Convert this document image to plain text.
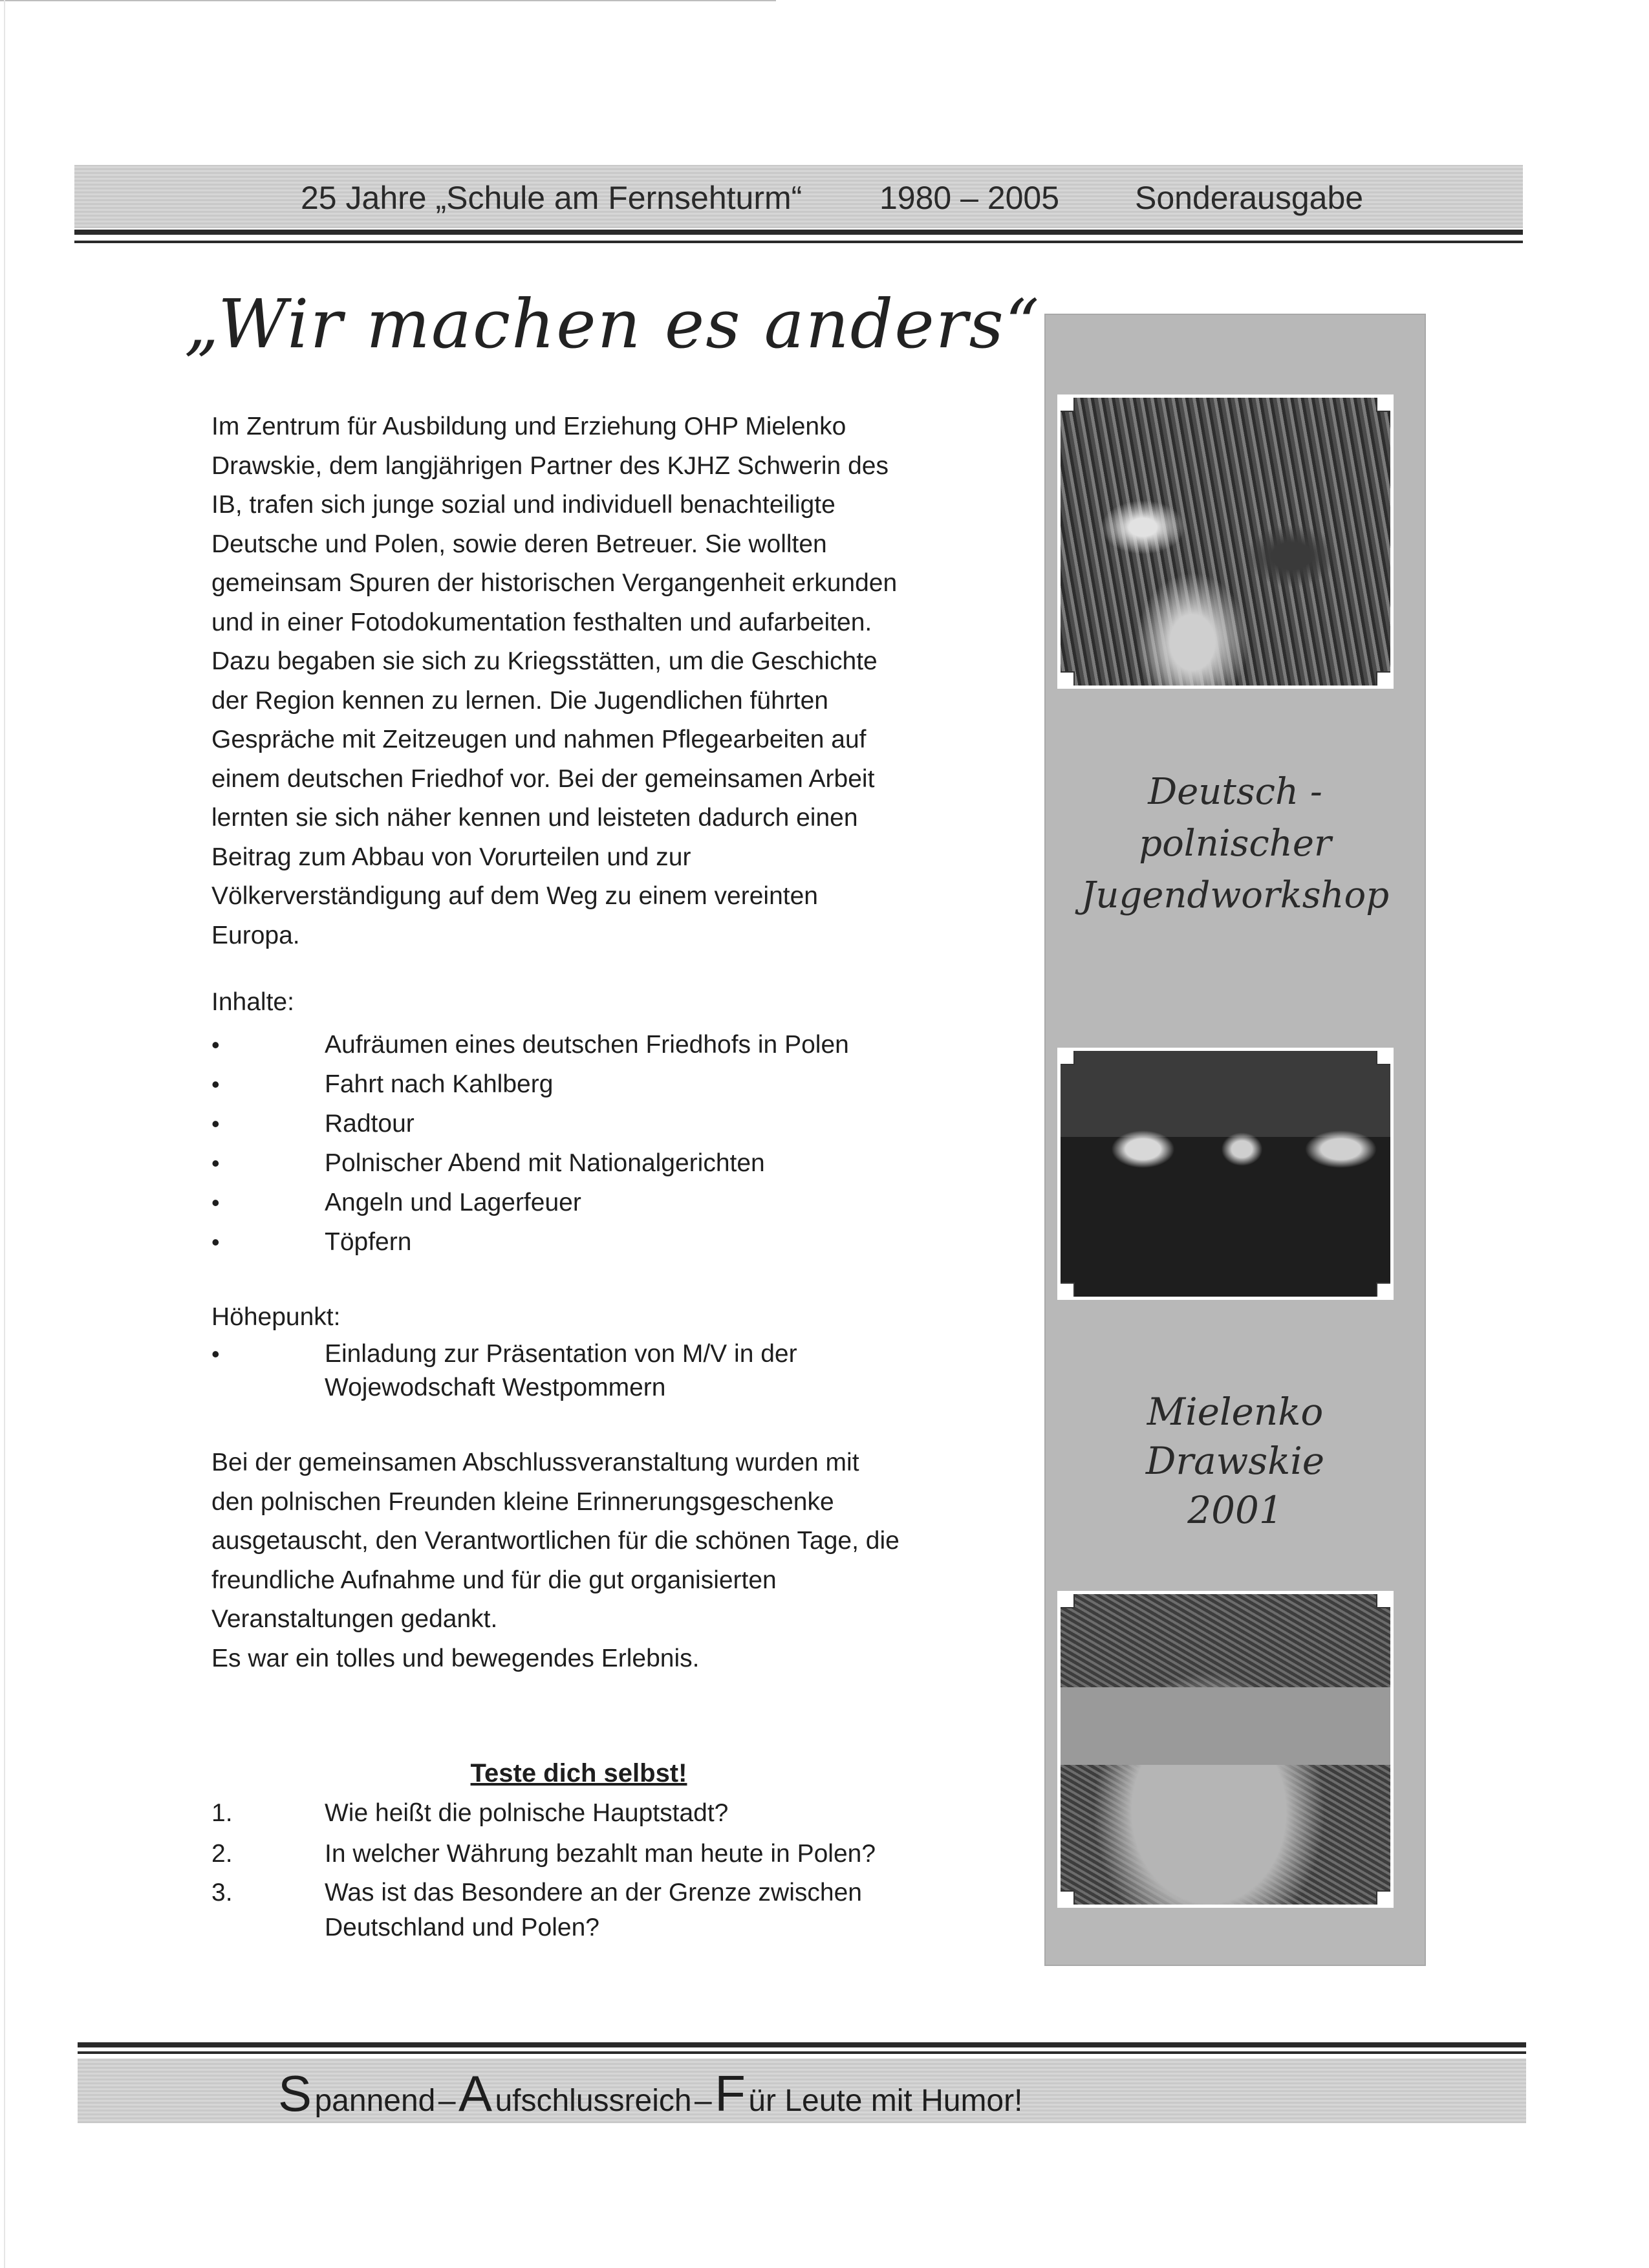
25 Jahre „Schule am Fernsehturm“ 1980 – 2005 Sonderausgabe
„Wir machen es anders“
Im Zentrum für Ausbildung und Erziehung OHP Mielenko
Drawskie, dem langjährigen Partner des KJHZ Schwerin des
IB, trafen sich junge sozial und individuell benachteiligte
Deutsche und Polen, sowie deren Betreuer. Sie wollten
gemeinsam Spuren der historischen Vergangenheit erkunden
und in einer Fotodokumentation festhalten und aufarbeiten.
Dazu begaben sie sich zu Kriegsstätten, um die Geschichte
der Region kennen zu lernen. Die Jugendlichen führten
Gespräche mit Zeitzeugen und nahmen Pflegearbeiten auf
einem deutschen Friedhof vor. Bei der gemeinsamen Arbeit
lernten sie sich näher kennen und leisteten dadurch einen
Beitrag zum Abbau von Vorurteilen und zur
Völkerverständigung auf dem Weg zu einem vereinten
Europa.
Inhalte:
•	Aufräumen eines deutschen Friedhofs in Polen
•	Fahrt nach Kahlberg
•	Radtour
•	Polnischer Abend mit Nationalgerichten
•	Angeln und Lagerfeuer
•	Töpfern
Höhepunkt:
•	Einladung zur Präsentation von M/V in der Wojewodschaft Westpommern
Bei der gemeinsamen Abschlussveranstaltung wurden mit
den polnischen Freunden kleine Erinnerungsgeschenke
ausgetauscht, den Verantwortlichen für die schönen Tage, die
freundliche Aufnahme und für die gut organisierten
Veranstaltungen gedankt.
Es war ein tolles und bewegendes Erlebnis.
Teste dich selbst!
1.	Wie heißt die polnische Hauptstadt?
2.	In welcher Währung bezahlt man heute in Polen?
3.	Was ist das Besondere an der Grenze zwischen Deutschland und Polen?
Deutsch -
polnischer
Jugendworkshop
Mielenko
Drawskie
2001
S pannend – A ufschlussreich – F ür Leute mit Humor!
